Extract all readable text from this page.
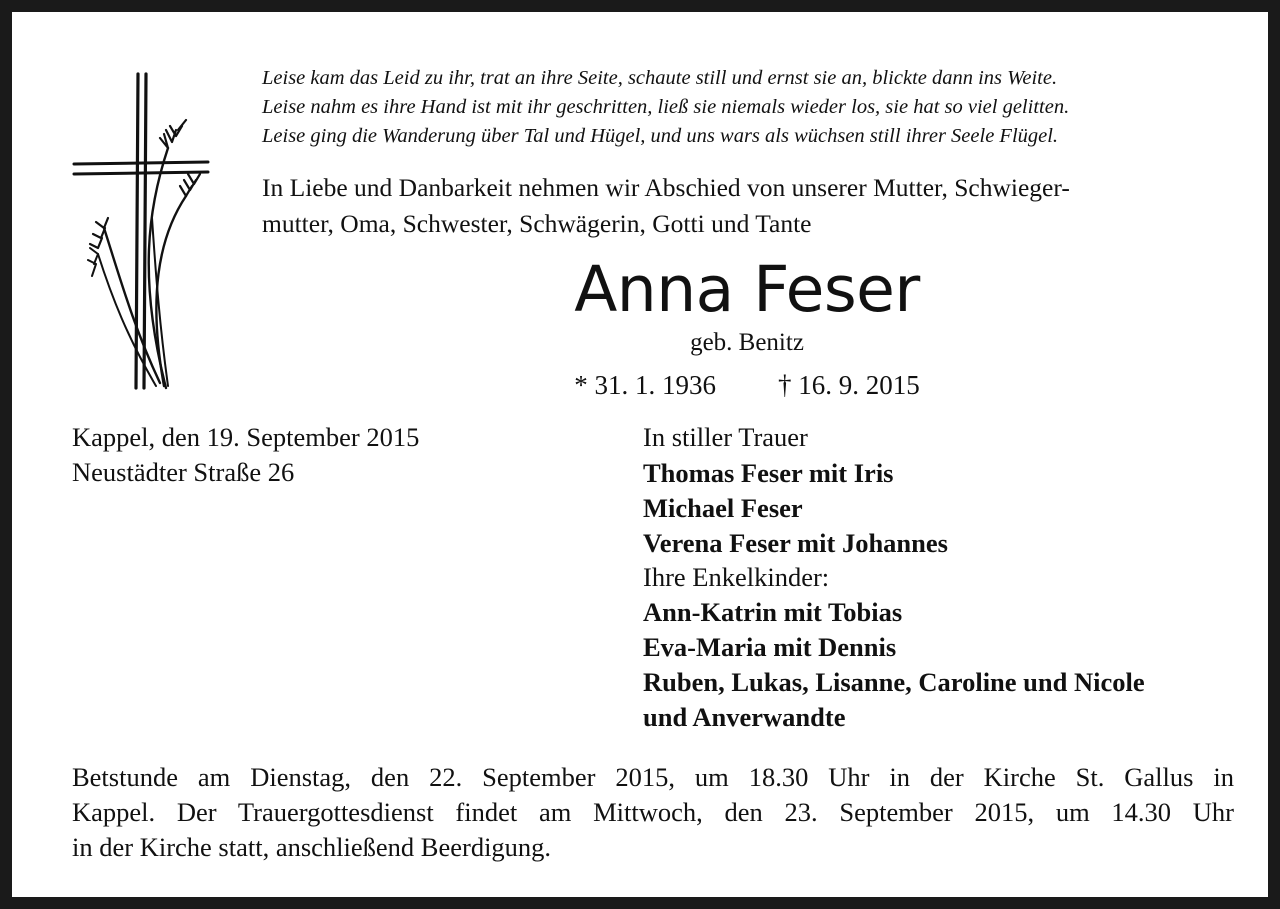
Leise kam das Leid zu ihr, trat an ihre Seite, schaute still und ernst sie an, blickte dann ins Weite.
Leise nahm es ihre Hand ist mit ihr geschritten, ließ sie niemals wieder los, sie hat so viel gelitten.
Leise ging die Wanderung über Tal und Hügel, und uns wars als wüchsen still ihrer Seele Flügel.
In Liebe und Danbarkeit nehmen wir Abschied von unserer Mutter, Schwieger-
mutter, Oma, Schwester, Schwägerin, Gotti und Tante
Anna Feser
geb. Benitz
* 31. 1. 1936 † 16. 9. 2015
Kappel, den 19. September 2015
Neustädter Straße 26
In stiller Trauer
Thomas Feser mit Iris
Michael Feser
Verena Feser mit Johannes
Ihre Enkelkinder:
Ann-Katrin mit Tobias
Eva-Maria mit Dennis
Ruben, Lukas, Lisanne, Caroline und Nicole
und Anverwandte
Betstunde am Dienstag, den 22. September 2015, um 18.30 Uhr in der Kirche St. Gallus in
Kappel. Der Trauergottesdienst findet am Mittwoch, den 23. September 2015, um 14.30 Uhr
in der Kirche statt, anschließend Beerdigung.
